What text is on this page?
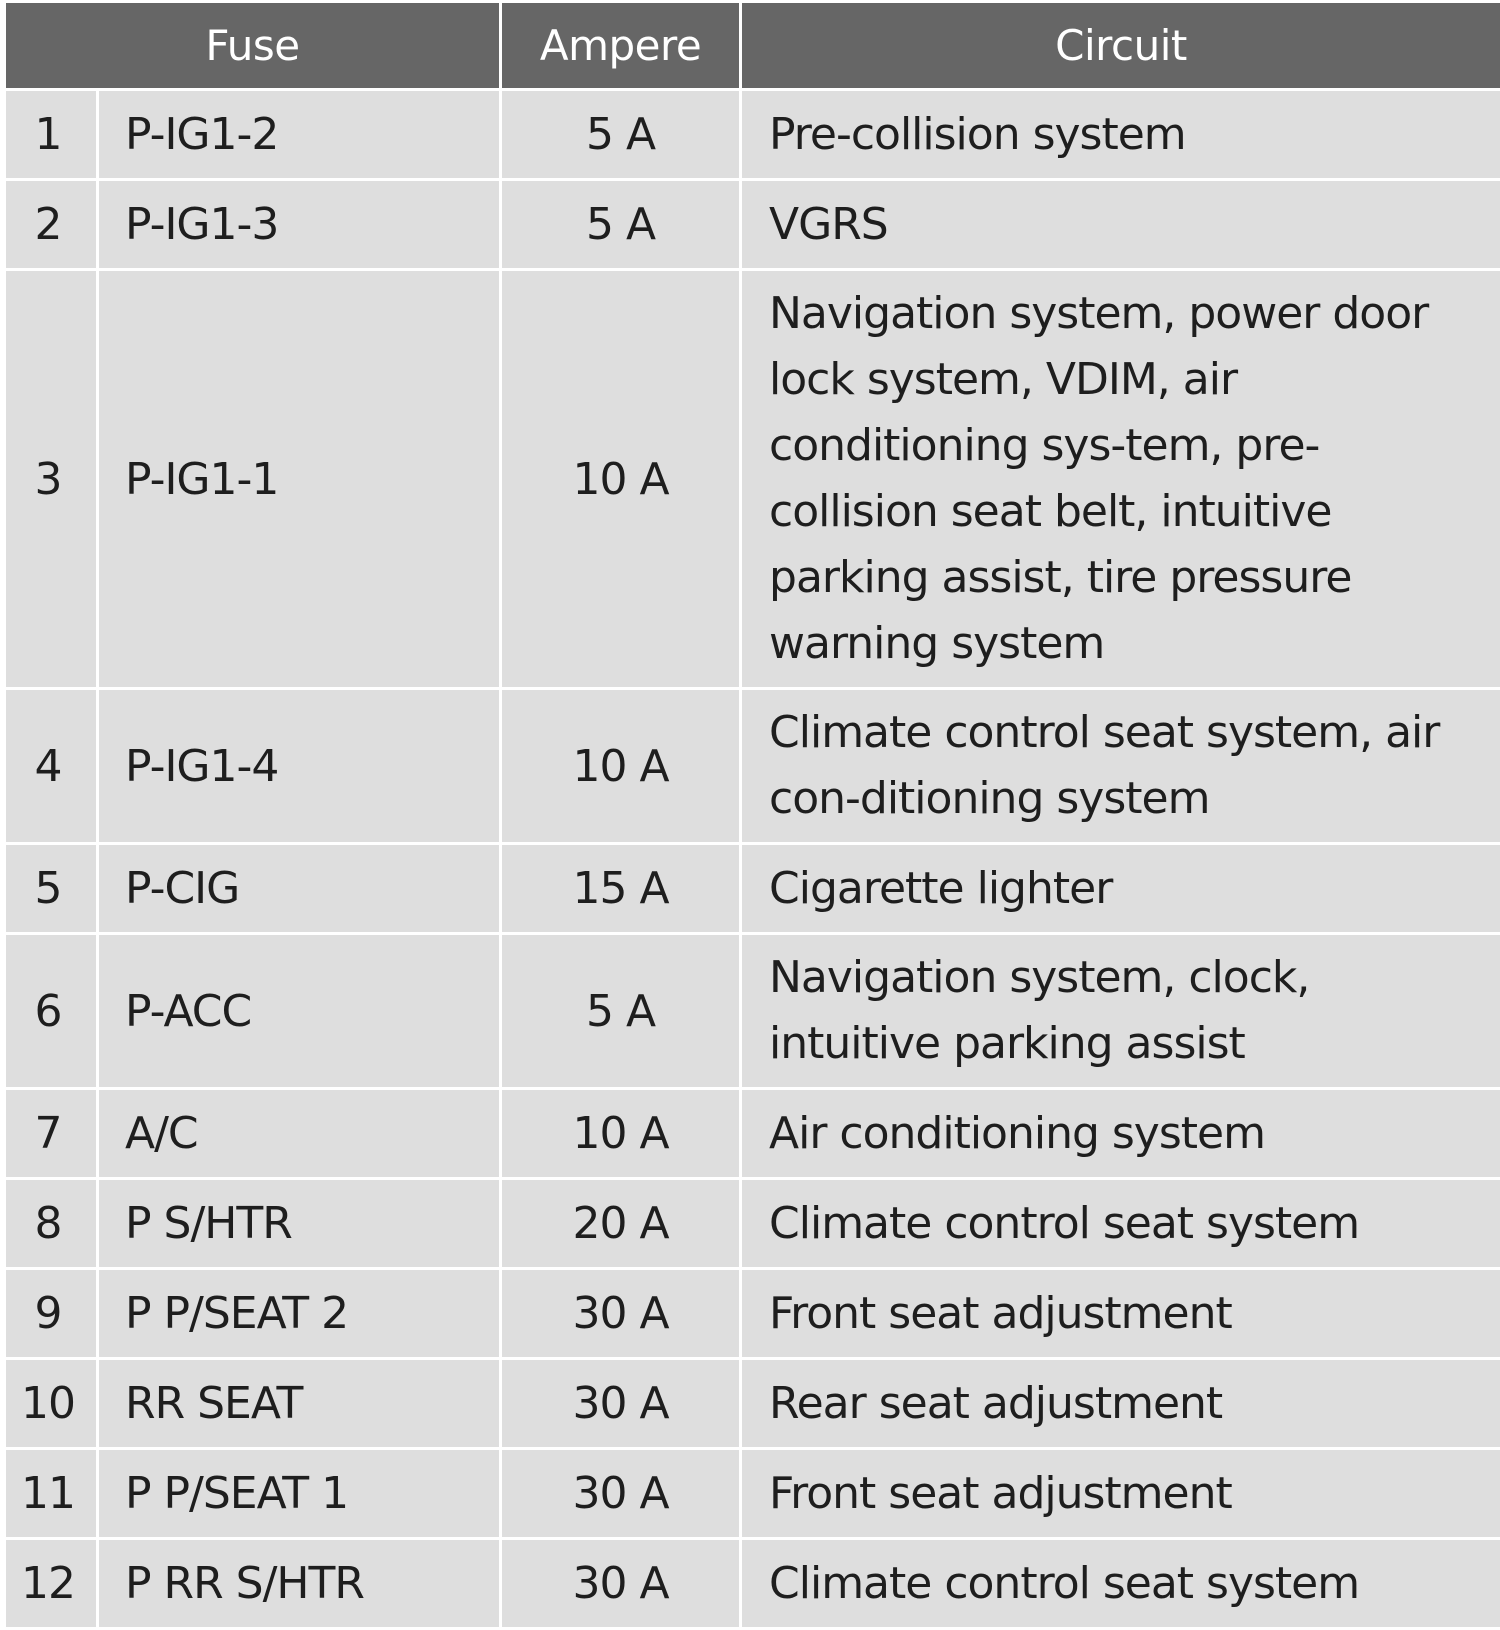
Fuse		Ampere	Circuit
1	P-IG1-2	5 A	Pre-collision system
2	P-IG1-3	5 A	VGRS
3	P-IG1-1	10 A	Navigation system, power door lock system, VDIM, air conditioning sys-tem, pre-collision seat belt, intuitive parking assist, tire pressure warning system
4	P-IG1-4	10 A	Climate control seat system, air con-ditioning system
5	P-CIG	15 A	Cigarette lighter
6	P-ACC	5 A	Navigation system, clock, intuitive parking assist
7	A/C	10 A	Air conditioning system
8	P S/HTR	20 A	Climate control seat system
9	P P/SEAT 2	30 A	Front seat adjustment
10	RR SEAT	30 A	Rear seat adjustment
11	P P/SEAT 1	30 A	Front seat adjustment
12	P RR S/HTR	30 A	Climate control seat system
